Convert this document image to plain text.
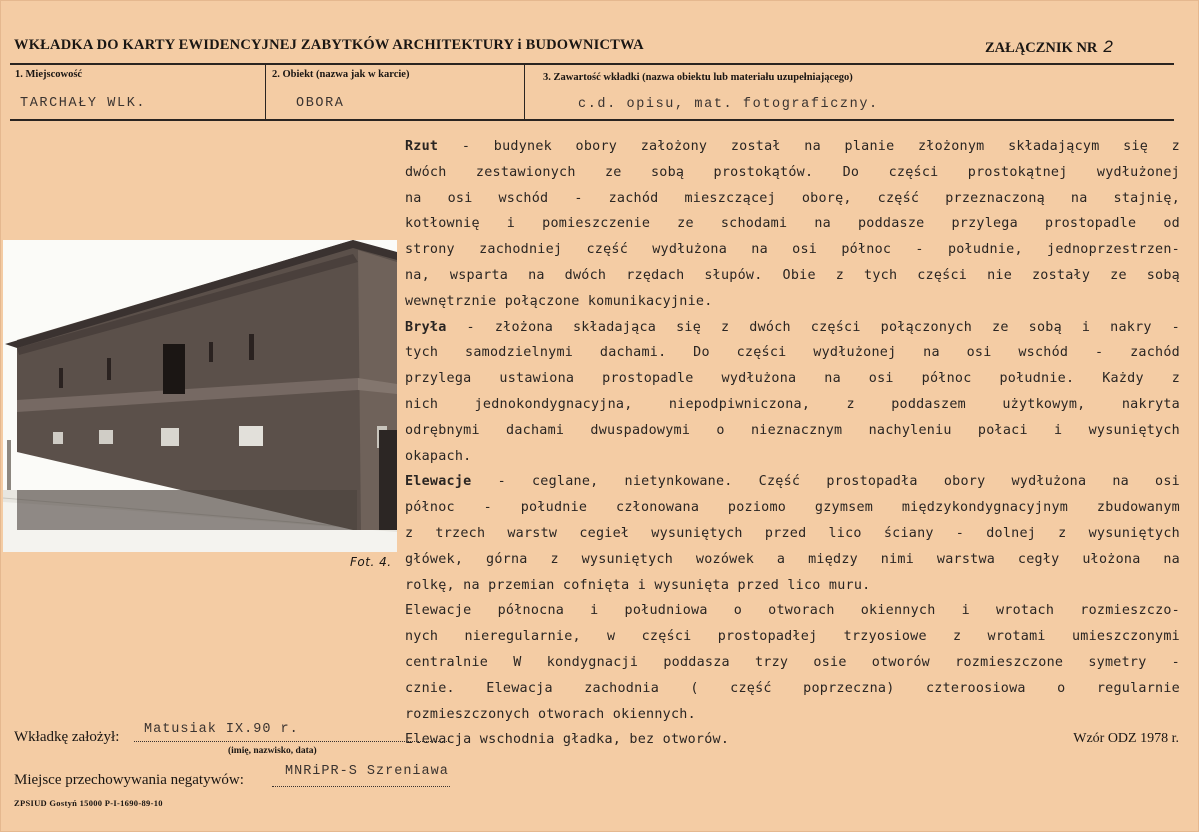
WKŁADKA DO KARTY EWIDENCYJNEJ ZABYTKÓW ARCHITEKTURY i BUDOWNICTWA	ZAŁĄCZNIK NR 2
1. Miejscowość
TARCHAŁY WLK.
2. Obiekt (nazwa jak w karcie)
OBORA
3. Zawartość wkładki (nazwa obiektu lub materiału uzupełniającego)
c.d. opisu, mat. fotograficzny.
Fot. 4.
Rzut - budynek obory założony został na planie złożonym składającym się z
dwóch zestawionych ze sobą prostokątów. Do części prostokątnej wydłużonej
na osi wschód - zachód mieszczącej oborę, część przeznaczoną na stajnię,
kotłownię i pomieszczenie ze schodami na poddasze przylega prostopadle od
strony zachodniej część wydłużona na osi północ - południe, jednoprzestrzen-
na, wsparta na dwóch rzędach słupów. Obie z tych części nie zostały ze sobą
wewnętrznie połączone komunikacyjnie.
Bryła - złożona składająca się z dwóch części połączonych ze sobą i nakry -
tych samodzielnymi dachami. Do części wydłużonej na osi wschód - zachód
przylega ustawiona prostopadle wydłużona na osi północ południe. Każdy z
nich jednokondygnacyjna, niepodpiwniczona, z poddaszem użytkowym, nakryta
odrębnymi dachami dwuspadowymi o nieznacznym nachyleniu połaci i wysuniętych
okapach.
Elewacje - ceglane, nietynkowane. Część prostopadła obory wydłużona na osi
północ - południe członowana poziomo gzymsem międzykondygnacyjnym zbudowanym
z trzech warstw cegieł wysuniętych przed lico ściany - dolnej z wysuniętych
główek, górna z wysuniętych wozówek a między nimi warstwa cegły ułożona na
rolkę, na przemian cofnięta i wysunięta przed lico muru.
Elewacje północna i południowa o otworach okiennych i wrotach rozmieszczo-
nych nieregularnie, w części prostopadłej trzyosiowe z wrotami umieszczonymi
centralnie W kondygnacji poddasza trzy osie otworów rozmieszczone symetry -
cznie. Elewacja zachodnia ( część poprzeczna) czteroosiowa o regularnie
rozmieszczonych otworach okiennych.
Elewacja wschodnia gładka, bez otworów.
Wkładkę założył: Matusiak IX.90 r.
(imię, nazwisko, data)
Miejsce przechowywania negatywów:
MNRiPR-S Szreniawa
Wzór ODZ 1978 r.
ZPSIUD Gostyń 15000 P-I-1690-89-10
